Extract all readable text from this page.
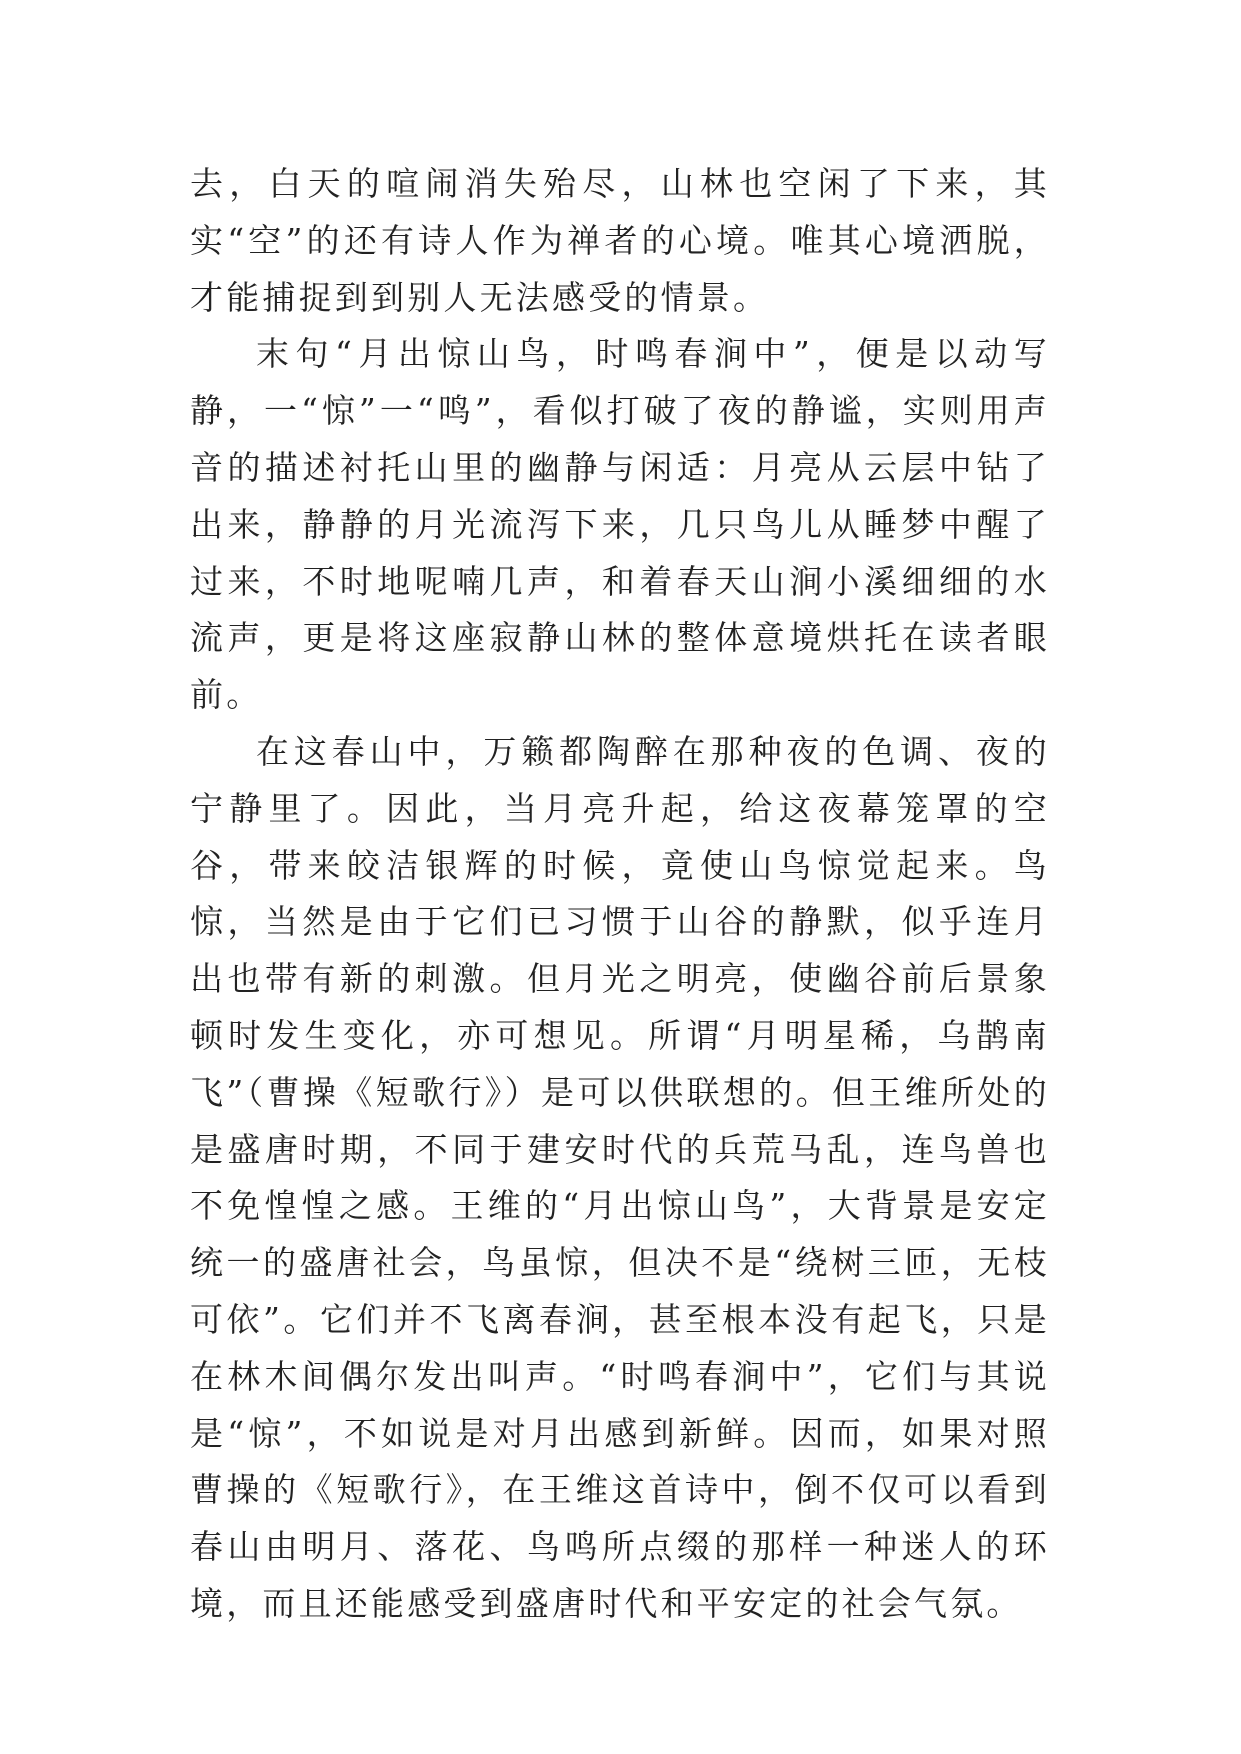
去，白天的喧闹消失殆尽，山林也空闲了下来，其实“空”的还有诗人作为禅者的心境。唯其心境洒脱，才能捕捉到到别人无法感受的情景。

末句“月出惊山鸟，时鸣春涧中”，便是以动写静，一“惊”一“鸣”，看似打破了夜的静谧，实则用声音的描述衬托山里的幽静与闲适：月亮从云层中钻了出来，静静的月光流泻下来，几只鸟儿从睡梦中醒了过来，不时地呢喃几声，和着春天山涧小溪细细的水流声，更是将这座寂静山林的整体意境烘托在读者眼前。

在这春山中，万籁都陶醉在那种夜的色调、夜的宁静里了。因此，当月亮升起，给这夜幕笼罩的空谷，带来皎洁银辉的时候，竟使山鸟惊觉起来。鸟惊，当然是由于它们已习惯于山谷的静默，似乎连月出也带有新的刺激。但月光之明亮，使幽谷前后景象顿时发生变化，亦可想见。所谓“月明星稀，乌鹊南飞”（曹操《短歌行》）是可以供联想的。但王维所处的是盛唐时期，不同于建安时代的兵荒马乱，连鸟兽也不免惶惶之感。王维的“月出惊山鸟”，大背景是安定统一的盛唐社会，鸟虽惊，但决不是“绕树三匝，无枝可依”。它们并不飞离春涧，甚至根本没有起飞，只是在林木间偶尔发出叫声。“时鸣春涧中”，它们与其说是“惊”，不如说是对月出感到新鲜。因而，如果对照曹操的《短歌行》，在王维这首诗中，倒不仅可以看到春山由明月、落花、鸟鸣所点缀的那样一种迷人的环境，而且还能感受到盛唐时代和平安定的社会气氛。
